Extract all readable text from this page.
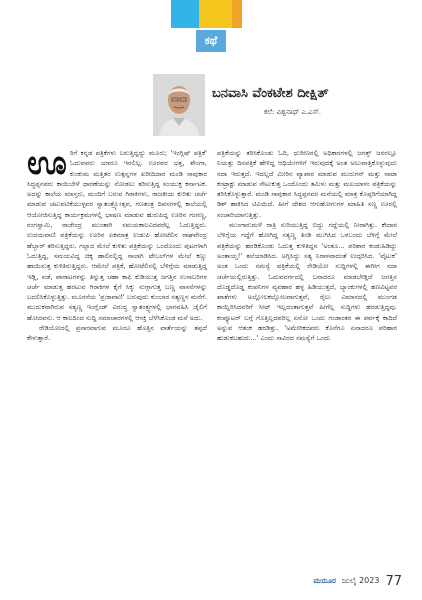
ಕಥೆ
ಬನವಾಸಿ ವೆಂಕಟೇಶ ದೀಕ್ಷಿತ್
ಕಲೆ: ವಿಶ್ವನಾಥ್ ಎ.ಎಸ್.

ಊರಿಗೆ ಕನ್ನಡ ಪತ್ರಿಕೆಗಳು ಬರುತ್ತಿದ್ದದ್ದು ಮೂರು; 'ಇಂಗ್ಲಿಷ್ ಪತ್ರಿಕೆ' ಓದುವವರು ಯಾರೂ ಇರಲಿಲ್ಲ. ಊರವರ ಭತ್ತ, ಶೇಂಗಾ, ಕುಂಕುಮ ಮತ್ತಿತರ ಉತ್ಪನ್ನಗಳ ಖರೀದಿದಾರ ಮಂಡಿ ಸಾವುಕಾರ ಸಿದ್ಧಪ್ಪನವರು ಕಾಯಿಬೇಳೆ ಧಾರಣೆಯನ್ನು ನೋಡಲು ತರಿಸುತ್ತಿದ್ದ ಸಂಯುಕ್ತ ಕರ್ನಾಟಕ. ಅದನ್ನು ಕಾಲೆಯ ಮಾಸ್ತರು, ಮಂದಿಗೆ ಬರುವ ಗಿರಾಕಿಗಳು, ರಾಜಕೀಯ ಕುರಿತು ಚರ್ಚೆ ಮಾಡುವ ಚಟುವಟಿಕೆಯುಳ್ಳವರ ಸ್ವಾತಂತ್ರ್ಯೋತ್ಸವ, ಗಣತಂತ್ರ ದಿವಸಗಳಲ್ಲಿ ಕಾಲೆಯಲ್ಲಿ ಆಯೋಜಿಸುತ್ತಿದ್ದ ಕಾರ್ಯಕ್ರಮಗಳಲ್ಲಿ ಭಾಷಣ ಮಾಡುವ ಹುರುಪಿದ್ದ ಊರಿನ ಗಂಗಣ್ಣ, ರಂಗಸ್ವಾಮಿ, ರಾಜೇಂದ್ರ ಮುಂತಾಗಿ ಸಮಯಕಾಲವಿದವರೆಲ್ಲ ಓದುತ್ತಿದ್ದರು. ಉದಯವಾಣಿ ಪತ್ರಿಕೆಯನ್ನು ಊರಿನ ಏಕಮಾತ್ರ ಉಡುಪಿ ಹೋಟೆಲಿನ ರಾಘವೇಂದ್ರ ಹೆಬ್ಬಾರ್ ತರಿಸುತ್ತಿದ್ದರು. ಗಲ್ಲಾದ ಮೇಲೆ ಕುಳಿತು ಪತ್ರಿಕೆಯನ್ನು ಒಂದೊಂದು ಪುಟಗಳಾಗಿ ಓದುತ್ತಿದ್ದ, ಸಮಯವಿದ್ದ ಚಿಕ್ಕ ಹಾಲಿನಲ್ಲಿದ್ದ ಸಾಲಾಗಿ ಟೇಬಲ್‌ಗಳ ಮೇಲೆ ಕಣ್ಣು ಹಾಯಿಸುತ್ತ ಕುಳಿತಿರುತ್ತಿದ್ದರು. ಆಮೇಲೆ ಪತ್ರಿಕೆ, ಹೋಟೆಲಿನಲ್ಲಿ ಬೆಳಿಗ್ಗೆಯ ಮಾಡುತ್ತಿದ್ದ ಇಡ್ಲಿ, ವಡೆ, ಪಾರಾಟಗಳನ್ನು ತಿನ್ನುತ್ತ ಚಹಾ ಕಾಫಿ ಕುಡಿಯುತ್ತ ಜಗತ್ತಿನ ಉಸಾಬರಿಗಳ ಚರ್ಚೆ ಮಾಡುತ್ತ ಹರಟುವ ಗಿರಾಕಿಗಳ ಕೈಗೆ ಸಿಕ್ಕು ನುಗ್ಗಾಗುತ್ತ ಬಣ್ಣ ವಾಸನೆಗಳನ್ನು ಬದಲಿಸಿಕೊಳ್ಳುತ್ತಿತ್ತು. ಮೂರನೆಯ 'ಪ್ರಜಾವಾಣಿ' ಬರುವುದು ಕುಂಬಾರ ಸತ್ಯಣ್ಣನ ಮನೆಗೆ. ಮುದುಕನಾಗಿರುವ ಸತ್ಯಣ್ಣ ಇಂಗ್ಲೆಂಡ್ ವಿರುದ್ಧ ಸ್ವಾತಂತ್ರ್ಯಗಳಲ್ಲಿ ಭಾಗವಹಿಸಿ ಜೈಲಿಗೆ ಹೋದವನು. ಆ ಕಾಲದಿಂದ ಸುದ್ದಿ ಸಮಾಚಾರಗಳಲ್ಲಿ ಆಸಕ್ತಿ ಬೆಳೆಸಿಕೊಂಡ ಮನೆ ಅದು.

ರೇಡಿಯೋದಲ್ಲಿ ಪ್ರಸಾರವಾಗುವ ಮೂರೂ ಹೊತ್ತಿನ ವಾರ್ತೆಯನ್ನು ತಪ್ಪದೆ ಕೇಳುತ್ತಾರೆ.

ಪತ್ರಿಕೆಯನ್ನು ತರಿಸಿಕೊಂಡು ಓದಿ, ಧುರೀಣರಲ್ಲಿ ಅಧಿಕಾರಗಳಲ್ಲಿ ಜಗತ್ತ್ ಜನರಲ್ಲೂ ನಿಯತ್ತು ದಿನಪತ್ರಿಕೆ ಹೇಳಿದ್ದ ಆಧಿಯೇಗಳಿಗೆ ಇರುವುದಕ್ಕೆ ಅಂತ ಅಲುವಾತ್ತಿಕೊಳ್ಳುವುದು ಸದಾ ಇರುತ್ತದೆ. ಇದಲ್ಲದೆ ಮೀರಿನ ವ್ಯಾಪಾರ ಮಾಡುವ ಮುರುಗನ್ ಮತ್ತು ನಾಟಾ ಕಂಟ್ರಾಕ್ಟು ಮಾಡುವ ಸೇಟುಕುತ್ತ ಒಂದೊಂದು ತಮಿಳು ಮತ್ತು ಮಲಯಾಳಂ ಪತ್ರಿಕೆಯನ್ನು ತರಿಸಿಕೊಳ್ಳುತ್ತಾರೆ. ಮಂಡಿ ಸಾವುಕಾರ ಸಿದ್ಧಪ್ಪನವರ ಮನೆಯಲ್ಲಿ ಮಾತ್ರ ಕೊಪ್ಪರಿಗೆಯಾಗಿದ್ದ ಡಿಶ್ ಹಾಕಿಸಿದ ಟಿವಿಯಿದೆ. ಹೀಗೆ ದೇಶದ ಆಗುಹೋಗುಗಳ ಮಾಹಿತಿ ಸಣ್ಣ ಊರಲ್ಲಿ ಸಂಚಾರಿಯಾಗುತ್ತಿತ್ತು.

ಮುಂಗಾರುಮಳೆ ರಾತ್ರಿ ಸುರಿಯುತ್ತಿದ್ದ ಬಿದ್ದು ಗದ್ದೆಯಲ್ಲಿ ನೀರಾಗಿತ್ತು. ಕೇದಾರ ಬೆಳಿಗ್ಗೆಯ ಗದ್ದೆಗೆ ಹೋಗಿದ್ದ ಸತ್ಯಣ್ಣ ತಿಂಡಿ ಮುಗಿಸಿದ ಒಳಬಂದು ಬೆಳಿಗ್ಗೆ ಮೇಲೆ ಪತ್ರಿಕೆಯನ್ನು ಹರಡಿಕೊಂಡು ಓದುತ್ತ ಕುಳಿತಿದ್ದನ ‘ಅಂತೂ... ಪರಿಶಾರ ಕಂಡುಹಿಡಿದ್ದು ಅಂತಾಯ್ತ!’ ತಲೆಯಾಡಿಸಿದ. ಅಗ್ಗಿಸಿದ್ದು ಸತ್ಯ ನಿರಾಳವಾದಂತೆ ಉದ್ಗರಿಸಿದ. ‘ವೈಟುಕ’ ಅಂತ ಒಂದು ಸಮಸ್ಯೆ ಪತ್ರಿಕೆಯಲ್ಲಿ ರೇಡಿಯೋ ಸುದ್ದಿಗಳಲ್ಲಿ ಈಗೀಗ ಸದಾ ಚರ್ಚೆಯಲ್ಲಿರುತ್ತಿತ್ತು. ಓದುವವರ್ಗದಲ್ಲಿ ಬನಾದರೂ ಮಾಡಬೇಡ್ಲಿದೆ ಜಗತ್ತಿನ ದೊಡ್ಡದೊಡ್ಡ ಕಂಪನಿಗಳ ವ್ಯವಹಾರ ಹಳ್ಳ ಹಿಡಿಯುತ್ತದೆ, ಬ್ಯಾಂಕುಗಳಲ್ಲಿ ಹಣವಿಟ್ಟವರ ಖಾತೆಗಳು ಅಲ್ಲೋಲಕಲ್ಲೋಲವಾಗುತ್ತವೆ, ರೈಲು ವಿಮಾನದಲ್ಲಿ ಮುಂಗಡ ಕಾಯ್ದಿರಿಸಿದವರಿಗೆ ಸೀಟ್ ಇಲ್ಲದಂತಾಗುತ್ತವೆ ಹೀಗೆಲ್ಲ ಸುದ್ದಿಗಳು ಹರಡುತ್ತಿದ್ದವು. ಕಂಪ್ಯೂಟರ್ ಬಗ್ಗೆ ಗೊತ್ತಿಲ್ಲದವರಿಲ್ಲ ಏನೋ ಒಂದು ಗಂಡಾಂತರ ಈ ಪರ್ವಕ್ಕೆ ಕಾದಿದೆ ಅನ್ನುವ ಆತಂಕ ಹರಡಿತ್ತು. 'ಅಮೇರಿಕದವರು ಕೊನೆಗೂ ಏನಾದರೂ ಪರಿಹಾರ ಹುಡುಕಬಹುದು...' ಎಂದು ಸಾವಿರದ ಸಮಸ್ಯೆಗೆ ಒಂದು

ಮಯೂರ ಜುಲೈ 2023 77
